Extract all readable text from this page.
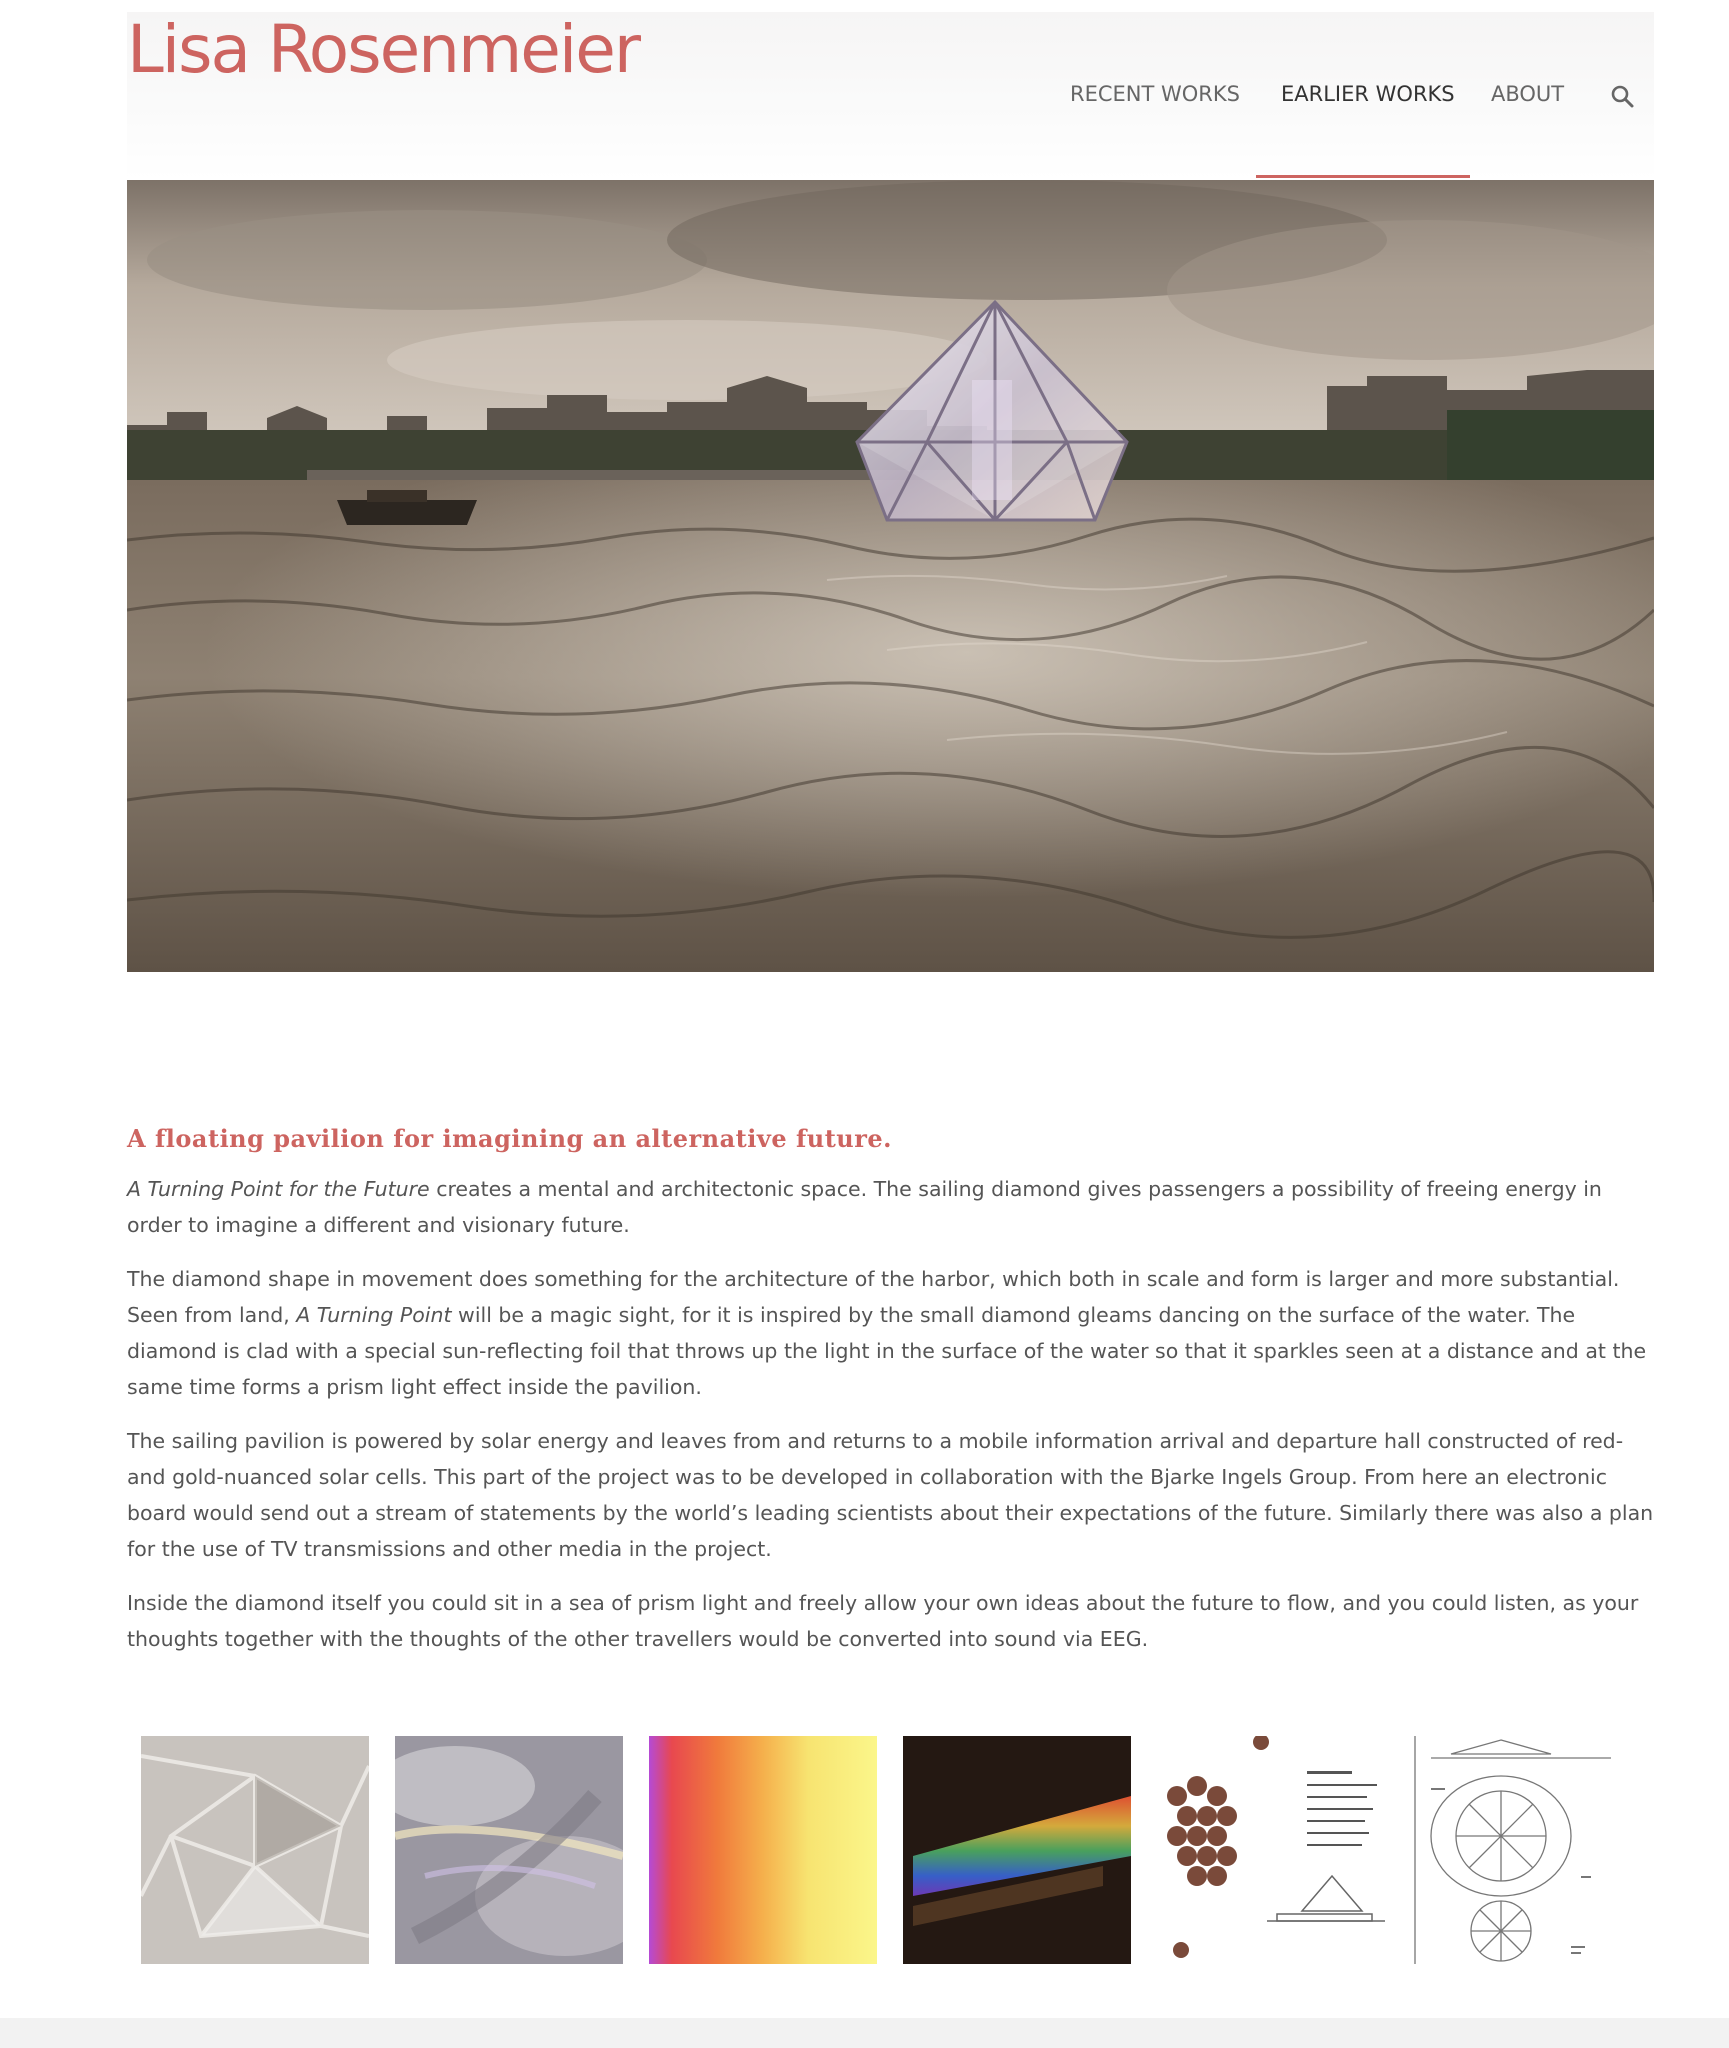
Lisa Rosenmeier
RECENT WORKS EARLIER WORKS ABOUT
A floating pavilion for imagining an alternative future.

A Turning Point for the Future creates a mental and architectonic space. The sailing diamond gives passengers a possibility of freeing energy in order to imagine a different and visionary future.

The diamond shape in movement does something for the architecture of the harbor, which both in scale and form is larger and more substantial. Seen from land, A Turning Point will be a magic sight, for it is inspired by the small diamond gleams dancing on the surface of the water. The diamond is clad with a special sun-reflecting foil that throws up the light in the surface of the water so that it sparkles seen at a distance and at the same time forms a prism light effect inside the pavilion.

The sailing pavilion is powered by solar energy and leaves from and returns to a mobile information arrival and departure hall constructed of red- and gold-nuanced solar cells. This part of the project was to be developed in collaboration with the Bjarke Ingels Group. From here an electronic board would send out a stream of statements by the world’s leading scientists about their expectations of the future. Similarly there was also a plan for the use of TV transmissions and other media in the project.

Inside the diamond itself you could sit in a sea of prism light and freely allow your own ideas about the future to flow, and you could listen, as your thoughts together with the thoughts of the other travellers would be converted into sound via EEG.
